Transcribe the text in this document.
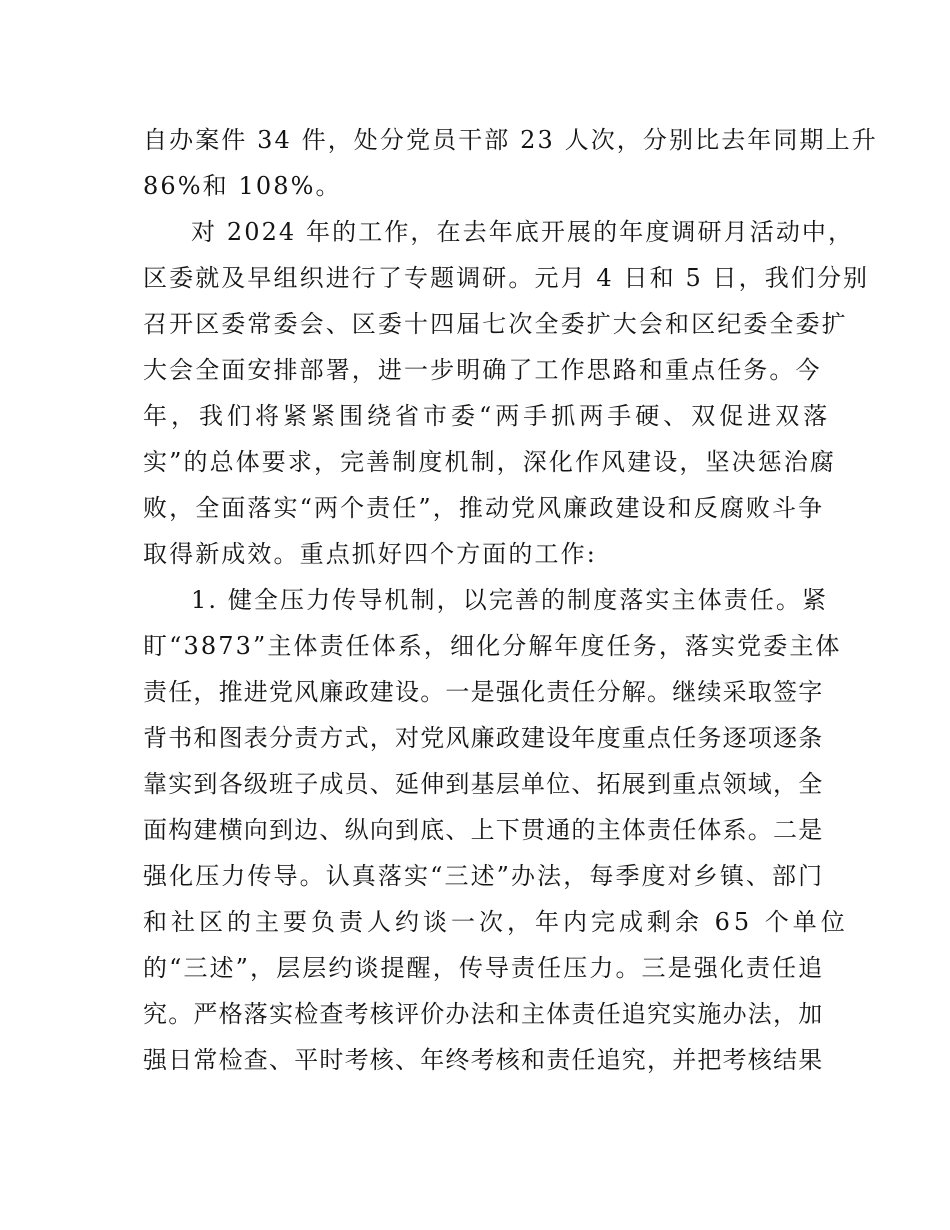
自办案件 34 件，处分党员干部 23 人次，分别比去年同期上升
86%和 108%。
对 2024 年的工作，在去年底开展的年度调研月活动中，
区委就及早组织进行了专题调研。元月 4 日和 5 日，我们分别
召开区委常委会、区委十四届七次全委扩大会和区纪委全委扩
大会全面安排部署，进一步明确了工作思路和重点任务。今
年，我们将紧紧围绕省市委“两手抓两手硬、双促进双落
实”的总体要求，完善制度机制，深化作风建设，坚决惩治腐
败，全面落实“两个责任”，推动党风廉政建设和反腐败斗争
取得新成效。重点抓好四个方面的工作:
1. 健全压力传导机制，以完善的制度落实主体责任。紧
盯“3873”主体责任体系，细化分解年度任务，落实党委主体
责任，推进党风廉政建设。一是强化责任分解。继续采取签字
背书和图表分责方式，对党风廉政建设年度重点任务逐项逐条
靠实到各级班子成员、延伸到基层单位、拓展到重点领域，全
面构建横向到边、纵向到底、上下贯通的主体责任体系。二是
强化压力传导。认真落实“三述”办法，每季度对乡镇、部门
和社区的主要负责人约谈一次，年内完成剩余 65 个单位
的“三述”，层层约谈提醒，传导责任压力。三是强化责任追
究。严格落实检查考核评价办法和主体责任追究实施办法，加
强日常检查、平时考核、年终考核和责任追究，并把考核结果
